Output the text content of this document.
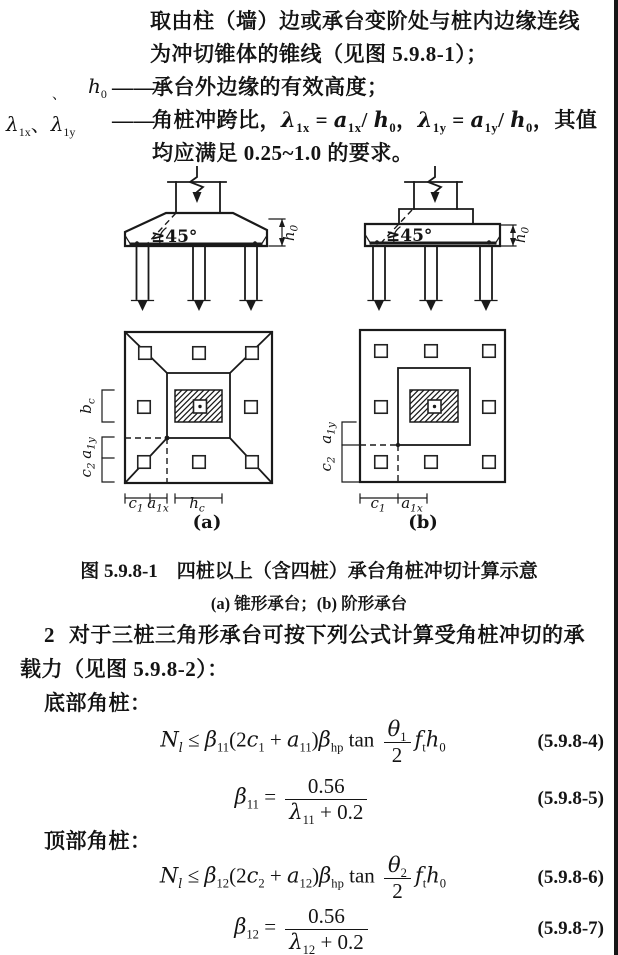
取由柱（墙）边或承台变阶处与桩内边缘连线
为冲切锥体的锥线（见图 5.9.8-1）；
、 $h_0$ ——
承台外边缘的有效高度；
$\lambda_{1x}$、$\lambda_{1y}$ ——
角桩冲跨比，$\lambda_{1x} = a_{1x}/$ $h_0$，$\lambda_{1y} = a_{1y}/$ $h_0$，其值
均应满足 0.25~1.0 的要求。
≥45°	$h_0$	≥45°	$h_0$
$b_c$
$a_{1y}$
$c_2$
$c_1$ $a_{1x}$ $h_c$
(a)
$a_{1y}$
$c_2$
$c_1$ $a_{1x}$
(b)
图 5.9.8-1　四桩以上（含四桩）承台角桩冲切计算示意
(a) 锥形承台；(b) 阶形承台
2 对于三桩三角形承台可按下列公式计算受角桩冲切的承
载力（见图 5.9.8-2）：
底部角桩：
$N_l \le \beta_{11}(2c_1 + a_{11})\beta_{hp}$ $\tan \frac{\theta_1}{2} f_th_0$	(5.9.8-4)
$\beta_{11} = \frac{0.56}{\lambda_{11} + 0.2}$	(5.9.8-5)
顶部角桩：
$N_l \le \beta_{12}(2c_2 + a_{12})\beta_{hp}$ $\tan \frac{\theta_2}{2} f_th_0$	(5.9.8-6)
$\beta_{12} = \frac{0.56}{\lambda_{12} + 0.2}$	(5.9.8-7)
